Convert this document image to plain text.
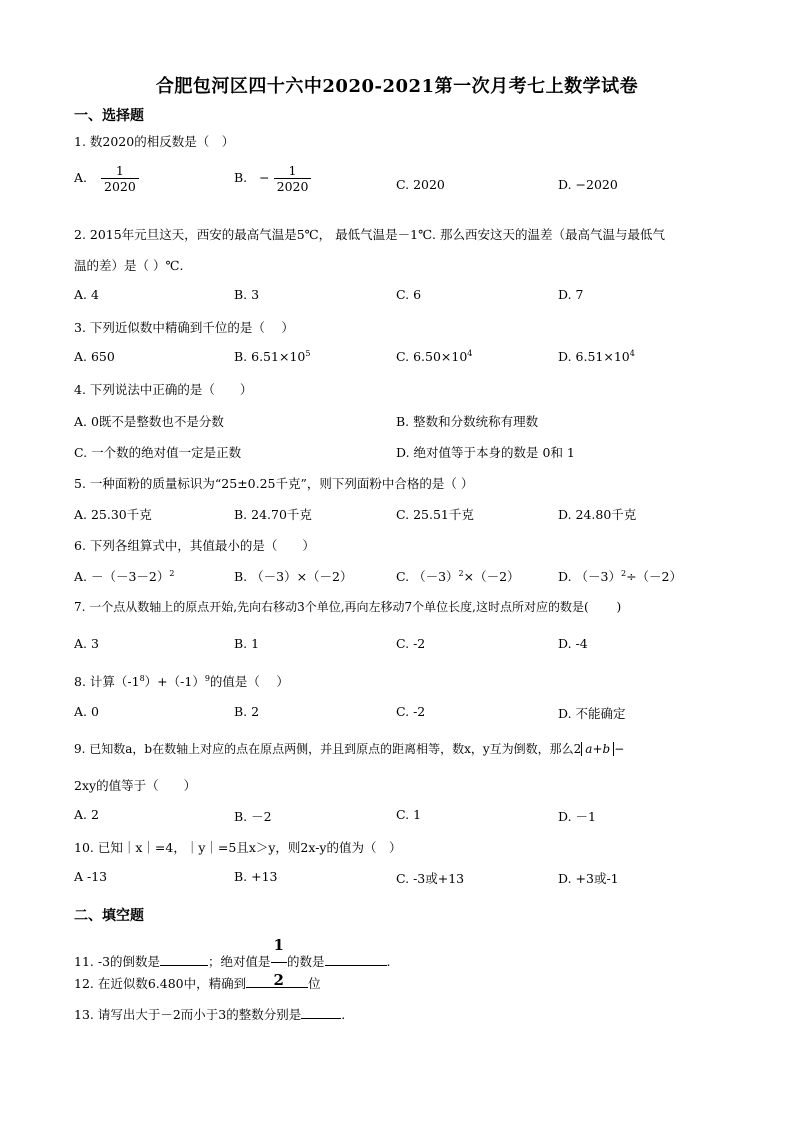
合肥包河区四十六中2020-2021第一次月考七上数学试卷
一、选择题
1. 数2020的相反数是（　）
A. $\frac{1}{2020}$	B. − $\frac{1}{2020}$	C. 2020	D. −2020
2. 2015年元旦这天，西安的最高气温是5℃， 最低气温是－1℃. 那么西安这天的温差（最高气温与最低气
温的差）是（ ）℃.
A. 4	B. 3	C. 6	D. 7
3. 下列近似数中精确到千位的是（　 ）
A. 650	B. $6.51\times 10^5$	C. $6.50\times 10^4$	D. $6.51\times 10^4$
4. 下列说法中正确的是（　　）
A. 0既不是整数也不是分数	B. 整数和分数统称有理数
C. 一个数的绝对值一定是正数	D. 绝对值等于本身的数是 0和 1
5. 一种面粉的质量标识为“25±0.25千克”，则下列面粉中合格的是（ ）
A. 25.30千克	B. 24.70千克	C. 25.51千克	D. 24.80千克
6. 下列各组算式中，其值最小的是（　　）
A. $-(-3-2)^2$	B. （－3）×（－2）	C. $(-3)^2\times(-2)$	D. $(-3)^2\div(-2)$
7. 一个点从数轴上的原点开始,先向右移动3个单位,再向左移动7个单位长度,这时点所对应的数是(　　 )
A. 3	B. 1	C. -2	D. -4
8. 计算$(-1^8)+(-1)^9$的值是（　 ）
A. 0	B. 2	C. -2	D. 不能确定
9. 已知数a，b在数轴上对应的点在原点两侧，并且到原点的距离相等，数x，y互为倒数，那么2 a+b −
2xy的值等于（　　）
A. 2	B. －2	C. 1	D. －1
10. 已知｜x｜=4，｜y｜=5且x＞y，则2x-y的值为（　）
A -13	B. +13	C. -3或+13	D. +3或-1
二、填空题
11. -3的倒数是	；绝对值是 $\frac{1}{2}$ 的数是	.
12. 在近似数6.480中，精确到	位
13. 请写出大于－2而小于3的整数分别是	.
